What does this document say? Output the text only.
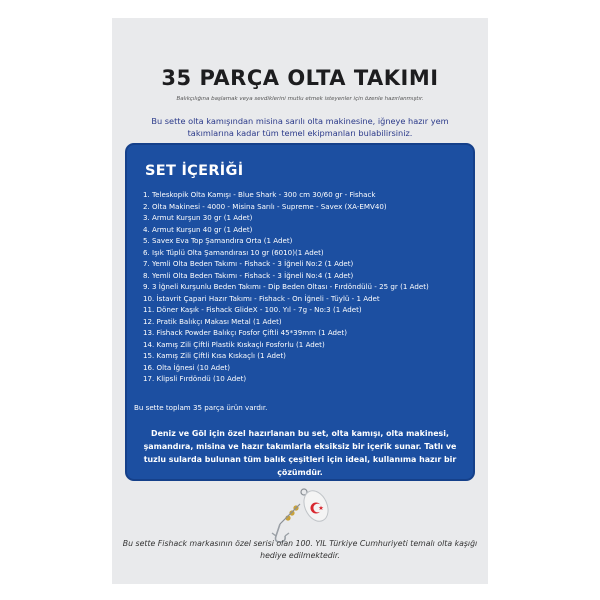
35 PARÇA OLTA TAKIMI
Balıkçılığına başlamak veya sevdiklerini mutlu etmek isteyenler için özenle hazırlanmıştır.
Bu sette olta kamışından misina sarılı olta makinesine, iğneye hazır yem takımlarına kadar tüm temel ekipmanları bulabilirsiniz.
SET İÇERİĞİ
1. Teleskopik Olta Kamışı - Blue Shark - 300 cm 30/60 gr - Fishack
2. Olta Makinesi - 4000 - Misina Sarılı - Supreme - Savex (XA-EMV40)
3. Armut Kurşun 30 gr (1 Adet)
4. Armut Kurşun 40 gr (1 Adet)
5. Savex Eva Top Şamandıra Orta (1 Adet)
6. Işık Tüplü Olta Şamandırası 10 gr (6010)(1 Adet)
7. Yemli Olta Beden Takımı - Fishack - 3 İğneli No:2 (1 Adet)
8. Yemli Olta Beden Takımı - Fishack - 3 İğneli No:4 (1 Adet)
9. 3 İğneli Kurşunlu Beden Takımı - Dip Beden Oltası - Fırdöndülü - 25 gr (1 Adet)
10. İstavrit Çapari Hazır Takımı - Fishack - On İğneli - Tüylü - 1 Adet
11. Döner Kaşık - Fishack GlideX - 100. Yıl - 7g - No:3 (1 Adet)
12. Pratik Balıkçı Makası Metal (1 Adet)
13. Fishack Powder Balıkçı Fosfor Çiftli 45*39mm (1 Adet)
14. Kamış Zili Çiftli Plastik Kıskaçlı Fosforlu (1 Adet)
15. Kamış Zili Çiftli Kısa Kıskaçlı (1 Adet)
16. Olta İğnesi (10 Adet)
17. Klipsli Fırdöndü (10 Adet)
Bu sette toplam 35 parça ürün vardır.
Deniz ve Göl için özel hazırlanan bu set, olta kamışı, olta makinesi, şamandıra, misina ve hazır takımlarla eksiksiz bir içerik sunar. Tatlı ve tuzlu sularda bulunan tüm balık çeşitleri için ideal, kullanıma hazır bir çözümdür.
Bu sette Fishack markasının özel serisi olan 100. YIL Türkiye Cumhuriyeti temalı olta kaşığı hediye edilmektedir.
